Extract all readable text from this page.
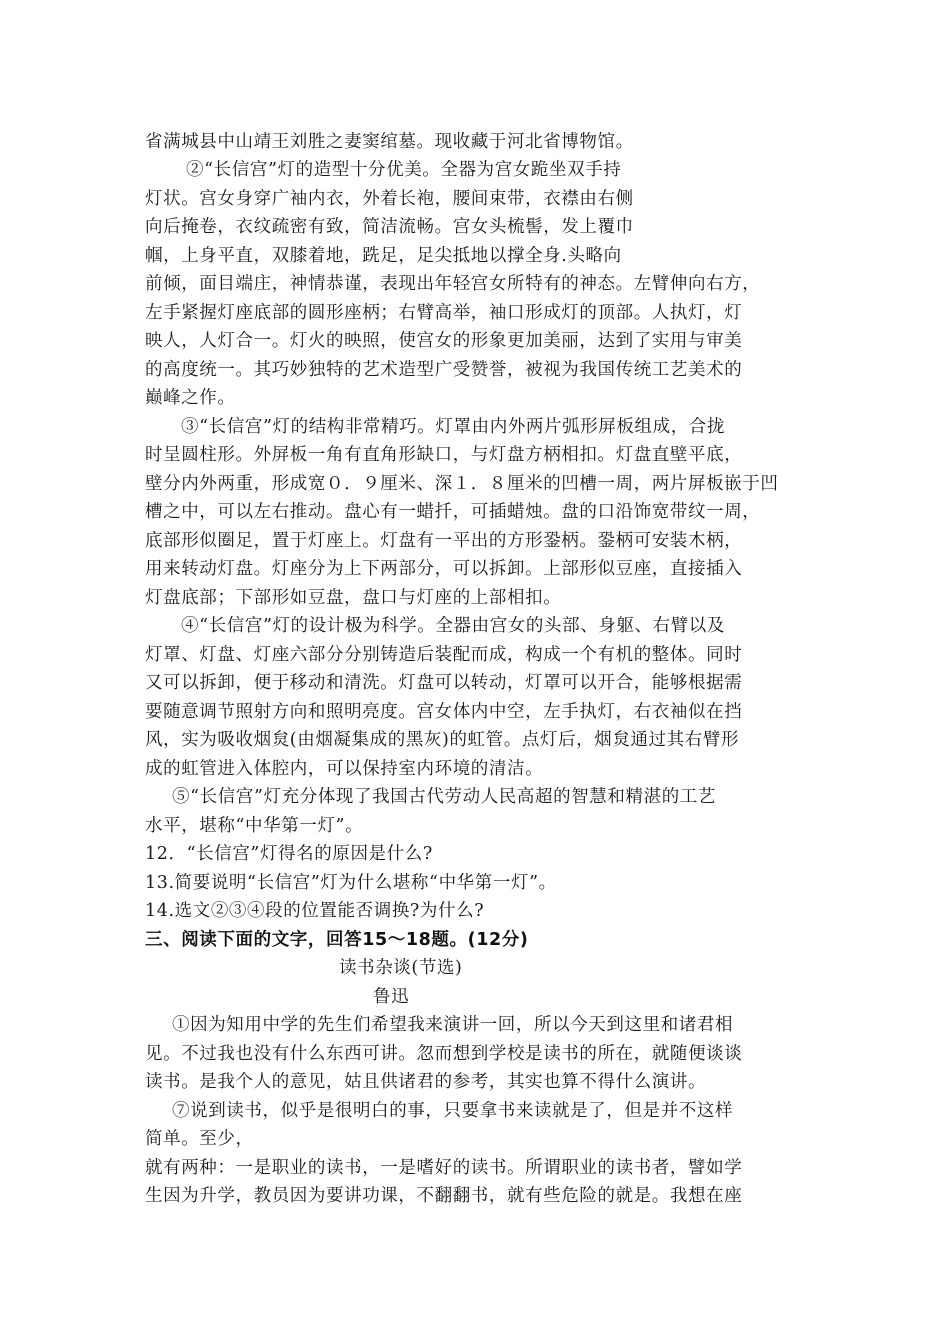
省满城县中山靖王刘胜之妻窦绾墓。现收藏于河北省博物馆。
②“长信宫”灯的造型十分优美。全器为宫女跪坐双手持
灯状。宫女身穿广袖内衣，外着长袍，腰间束带，衣襟由右侧
向后掩卷，衣纹疏密有致，简洁流畅。宫女头梳髻，发上覆巾
帼，上身平直，双膝着地，跣足，足尖抵地以撑全身.头略向
前倾，面目端庄，神情恭谨，表现出年轻宫女所特有的神态。左臂伸向右方，
左手紧握灯座底部的圆形座柄；右臂高举，袖口形成灯的顶部。人执灯，灯
映人，人灯合一。灯火的映照，使宫女的形象更加美丽，达到了实用与审美
的高度统一。其巧妙独特的艺术造型广受赞誉，被视为我国传统工艺美术的
巅峰之作。
③“长信宫”灯的结构非常精巧。灯罩由内外两片弧形屏板组成，合拢
时呈圆柱形。外屏板一角有直角形缺口，与灯盘方柄相扣。灯盘直壁平底，
壁分内外两重，形成宽０．９厘米、深１．８厘米的凹槽一周，两片屏板嵌于凹
槽之中，可以左右推动。盘心有一蜡扦，可插蜡烛。盘的口沿饰宽带纹一周，
底部形似圈足，置于灯座上。灯盘有一平出的方形銎柄。銎柄可安装木柄，
用来转动灯盘。灯座分为上下两部分，可以拆卸。上部形似豆座，直接插入
灯盘底部；下部形如豆盘，盘口与灯座的上部相扣。
④“长信宫”灯的设计极为科学。全器由宫女的头部、身躯、右臂以及
灯罩、灯盘、灯座六部分分别铸造后装配而成，构成一个有机的整体。同时
又可以拆卸，便于移动和清洗。灯盘可以转动，灯罩可以开合，能够根据需
要随意调节照射方向和照明亮度。宫女体内中空，左手执灯，右衣袖似在挡
风，实为吸收烟炱(由烟凝集成的黑灰)的虹管。点灯后，烟炱通过其右臂形
成的虹管进入体腔内，可以保持室内环境的清洁。
⑤“长信宫”灯充分体现了我国古代劳动人民高超的智慧和精湛的工艺
水平，堪称“中华第一灯”。
12．“长信宫”灯得名的原因是什么?
13.简要说明“长信宫”灯为什么堪称“中华第一灯”。
14.选文②③④段的位置能否调换?为什么?
三、阅读下面的文字，回答15～18题。(12分)
读书杂谈(节选)
鲁迅
①因为知用中学的先生们希望我来演讲一回，所以今天到这里和诸君相
见。不过我也没有什么东西可讲。忽而想到学校是读书的所在，就随便谈谈
读书。是我个人的意见，姑且供诸君的参考，其实也算不得什么演讲。
⑦说到读书，似乎是很明白的事，只要拿书来读就是了，但是并不这样
简单。至少，
就有两种：一是职业的读书，一是嗜好的读书。所谓职业的读书者，譬如学
生因为升学，教员因为要讲功课，不翻翻书，就有些危险的就是。我想在座
